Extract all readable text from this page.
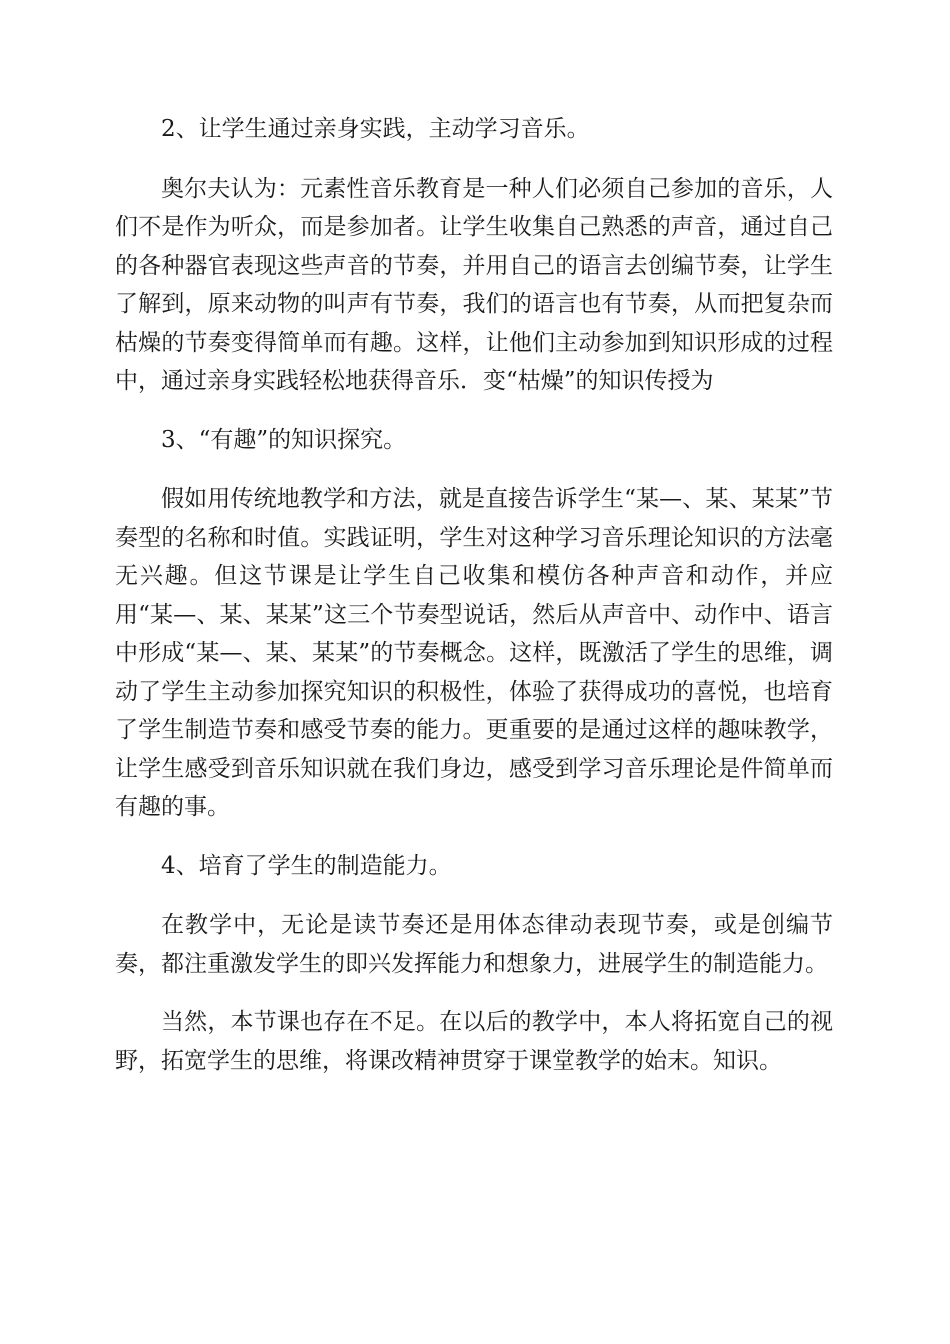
2、让学生通过亲身实践，主动学习音乐。

奥尔夫认为：元素性音乐教育是一种人们必须自己参加的音乐，人们不是作为听众，而是参加者。让学生收集自己熟悉的声音，通过自己的各种器官表现这些声音的节奏，并用自己的语言去创编节奏，让学生了解到，原来动物的叫声有节奏，我们的语言也有节奏，从而把复杂而枯燥的节奏变得简单而有趣。这样，让他们主动参加到知识形成的过程中，通过亲身实践轻松地获得音乐．变“枯燥”的知识传授为

3、“有趣”的知识探究。

假如用传统地教学和方法，就是直接告诉学生“某—、某、某某”节奏型的名称和时值。实践证明，学生对这种学习音乐理论知识的方法毫无兴趣。但这节课是让学生自己收集和模仿各种声音和动作，并应用“某—、某、某某”这三个节奏型说话，然后从声音中、动作中、语言中形成“某—、某、某某”的节奏概念。这样，既激活了学生的思维，调动了学生主动参加探究知识的积极性，体验了获得成功的喜悦，也培育了学生制造节奏和感受节奏的能力。更重要的是通过这样的趣味教学，让学生感受到音乐知识就在我们身边，感受到学习音乐理论是件简单而有趣的事。

4、培育了学生的制造能力。

在教学中，无论是读节奏还是用体态律动表现节奏，或是创编节奏，都注重激发学生的即兴发挥能力和想象力，进展学生的制造能力。

当然，本节课也存在不足。在以后的教学中，本人将拓宽自己的视野，拓宽学生的思维，将课改精神贯穿于课堂教学的始末。知识。
